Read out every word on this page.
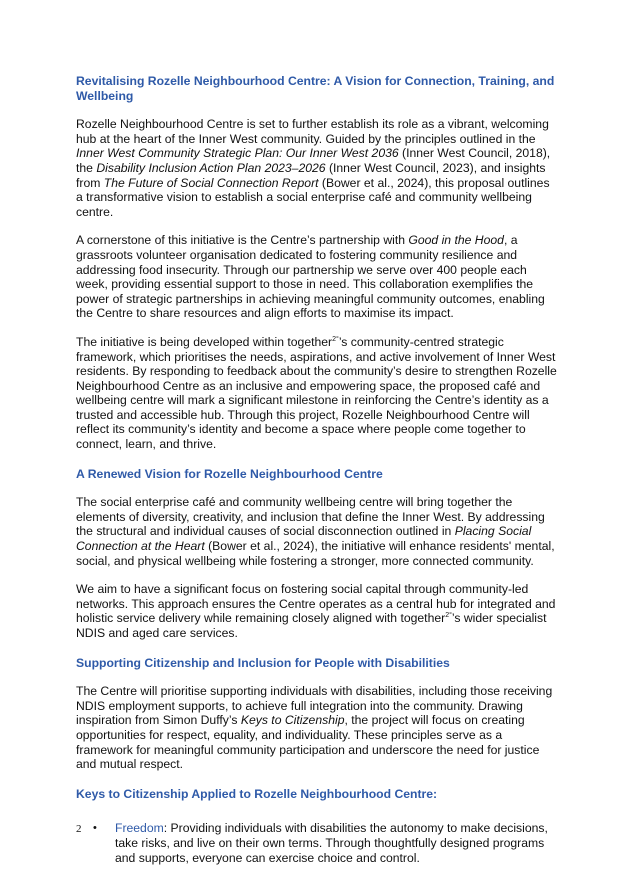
Revitalising Rozelle Neighbourhood Centre: A Vision for Connection, Training, and Wellbeing

Rozelle Neighbourhood Centre is set to further establish its role as a vibrant, welcoming hub at the heart of the Inner West community. Guided by the principles outlined in the Inner West Community Strategic Plan: Our Inner West 2036 (Inner West Council, 2018), the Disability Inclusion Action Plan 2023–2026 (Inner West Council, 2023), and insights from The Future of Social Connection Report (Bower et al., 2024), this proposal outlines a transformative vision to establish a social enterprise café and community wellbeing centre.

A cornerstone of this initiative is the Centre’s partnership with Good in the Hood, a grassroots volunteer organisation dedicated to fostering community resilience and addressing food insecurity. Through our partnership we serve over 400 people each week, providing essential support to those in need. This collaboration exemplifies the power of strategic partnerships in achieving meaningful community outcomes, enabling the Centre to share resources and align efforts to maximise its impact.

The initiative is being developed within together$^{2^\circ}$’s community-centred strategic framework, which prioritises the needs, aspirations, and active involvement of Inner West residents. By responding to feedback about the community’s desire to strengthen Rozelle Neighbourhood Centre as an inclusive and empowering space, the proposed café and wellbeing centre will mark a significant milestone in reinforcing the Centre’s identity as a trusted and accessible hub. Through this project, Rozelle Neighbourhood Centre will reflect its community’s identity and become a space where people come together to connect, learn, and thrive.

A Renewed Vision for Rozelle Neighbourhood Centre

The social enterprise café and community wellbeing centre will bring together the elements of diversity, creativity, and inclusion that define the Inner West. By addressing the structural and individual causes of social disconnection outlined in Placing Social Connection at the Heart (Bower et al., 2024), the initiative will enhance residents' mental, social, and physical wellbeing while fostering a stronger, more connected community.

We aim to have a significant focus on fostering social capital through community-led networks. This approach ensures the Centre operates as a central hub for integrated and holistic service delivery while remaining closely aligned with together$^{2^\circ}$’s wider specialist NDIS and aged care services.

Supporting Citizenship and Inclusion for People with Disabilities

The Centre will prioritise supporting individuals with disabilities, including those receiving NDIS employment supports, to achieve full integration into the community. Drawing inspiration from Simon Duffy’s Keys to Citizenship, the project will focus on creating opportunities for respect, equality, and individuality. These principles serve as a framework for meaningful community participation and underscore the need for justice and mutual respect.

Keys to Citizenship Applied to Rozelle Neighbourhood Centre:
• Freedom: Providing individuals with disabilities the autonomy to make decisions, take risks, and live on their own terms. Through thoughtfully designed programs and supports, everyone can exercise choice and control.
2
